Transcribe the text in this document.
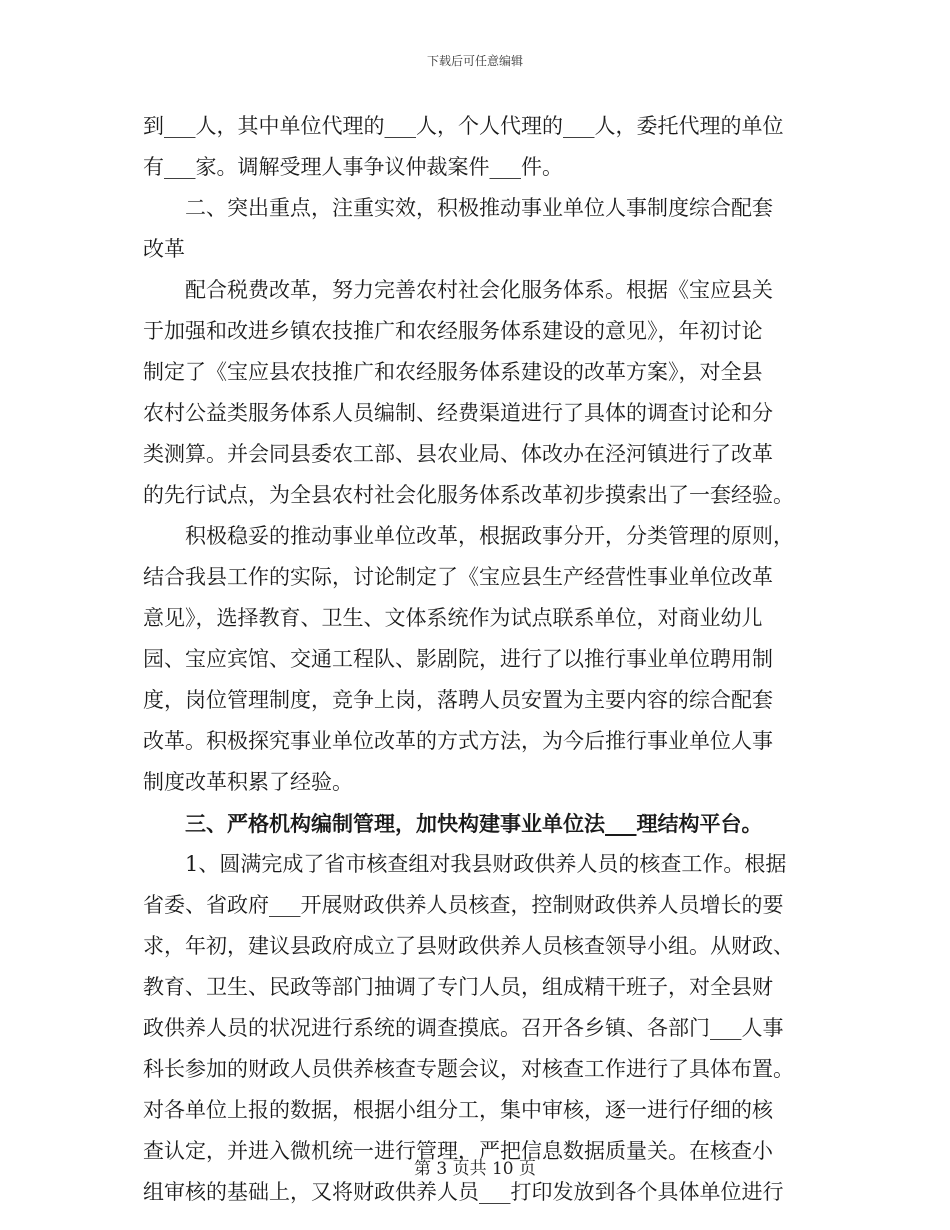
下载后可任意编辑
到___人，其中单位代理的___人，个人代理的___人，委托代理的单位
有___家。调解受理人事争议仲裁案件___件。
二、突出重点，注重实效，积极推动事业单位人事制度综合配套
改革
配合税费改革，努力完善农村社会化服务体系。根据《宝应县关
于加强和改进乡镇农技推广和农经服务体系建设的意见》，年初讨论
制定了《宝应县农技推广和农经服务体系建设的改革方案》，对全县
农村公益类服务体系人员编制、经费渠道进行了具体的调查讨论和分
类测算。并会同县委农工部、县农业局、体改办在泾河镇进行了改革
的先行试点，为全县农村社会化服务体系改革初步摸索出了一套经验。
积极稳妥的推动事业单位改革，根据政事分开，分类管理的原则，
结合我县工作的实际，讨论制定了《宝应县生产经营性事业单位改革
意见》，选择教育、卫生、文体系统作为试点联系单位，对商业幼儿
园、宝应宾馆、交通工程队、影剧院，进行了以推行事业单位聘用制
度，岗位管理制度，竞争上岗，落聘人员安置为主要内容的综合配套
改革。积极探究事业单位改革的方式方法，为今后推行事业单位人事
制度改革积累了经验。
三、严格机构编制管理，加快构建事业单位法___理结构平台。
1、圆满完成了省市核查组对我县财政供养人员的核查工作。根据
省委、省政府___开展财政供养人员核查，控制财政供养人员增长的要
求，年初，建议县政府成立了县财政供养人员核查领导小组。从财政、
教育、卫生、民政等部门抽调了专门人员，组成精干班子，对全县财
政供养人员的状况进行系统的调查摸底。召开各乡镇、各部门___人事
科长参加的财政人员供养核查专题会议，对核查工作进行了具体布置。
对各单位上报的数据，根据小组分工，集中审核，逐一进行仔细的核
查认定，并进入微机统一进行管理，严把信息数据质量关。在核查小
组审核的基础上，又将财政供养人员___打印发放到各个具体单位进行
第 3 页共 10 页
